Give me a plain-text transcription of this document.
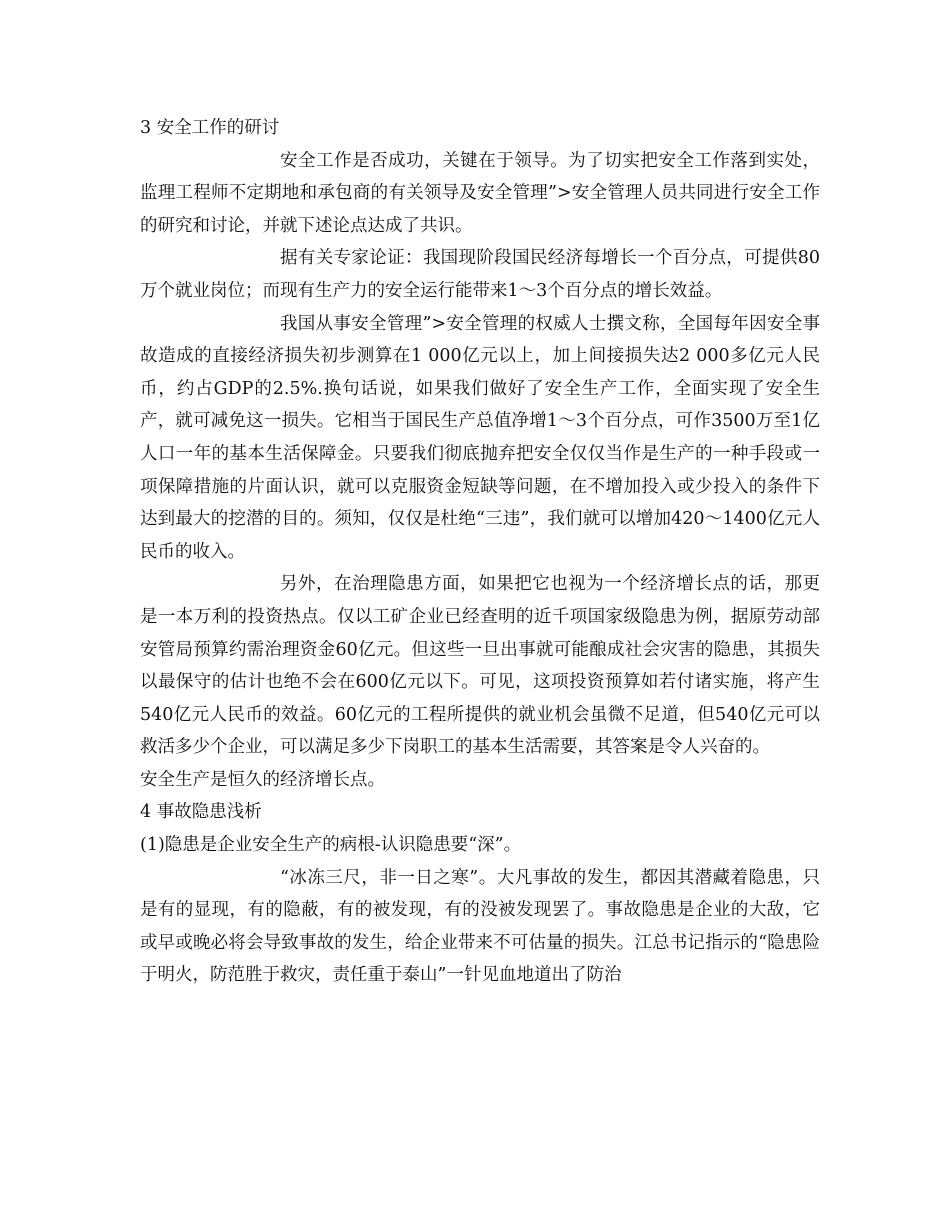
3 安全工作的研讨

安全工作是否成功，关键在于领导。为了切实把安全工作落到实处，监理工程师不定期地和承包商的有关领导及安全管理”>安全管理人员共同进行安全工作的研究和讨论，并就下述论点达成了共识。

据有关专家论证：我国现阶段国民经济每增长一个百分点，可提供80万个就业岗位；而现有生产力的安全运行能带来1～3个百分点的增长效益。

我国从事安全管理”>安全管理的权威人士撰文称，全国每年因安全事故造成的直接经济损失初步测算在1 000亿元以上，加上间接损失达2 000多亿元人民币，约占GDP的2.5%.换句话说，如果我们做好了安全生产工作，全面实现了安全生产，就可减免这一损失。它相当于国民生产总值净增1～3个百分点，可作3500万至1亿人口一年的基本生活保障金。只要我们彻底抛弃把安全仅仅当作是生产的一种手段或一项保障措施的片面认识，就可以克服资金短缺等问题，在不增加投入或少投入的条件下达到最大的挖潜的目的。须知，仅仅是杜绝“三违”，我们就可以增加420～1400亿元人民币的收入。

另外，在治理隐患方面，如果把它也视为一个经济增长点的话，那更是一本万利的投资热点。仅以工矿企业已经查明的近千项国家级隐患为例，据原劳动部安管局预算约需治理资金60亿元。但这些一旦出事就可能酿成社会灾害的隐患，其损失以最保守的估计也绝不会在600亿元以下。可见，这项投资预算如若付诸实施，将产生540亿元人民币的效益。60亿元的工程所提供的就业机会虽微不足道，但540亿元可以救活多少个企业，可以满足多少下岗职工的基本生活需要，其答案是令人兴奋的。

安全生产是恒久的经济增长点。

4 事故隐患浅析

(1)隐患是企业安全生产的病根-认识隐患要“深”。

“冰冻三尺，非一日之寒”。大凡事故的发生，都因其潜藏着隐患，只是有的显现，有的隐蔽，有的被发现，有的没被发现罢了。事故隐患是企业的大敌，它或早或晚必将会导致事故的发生，给企业带来不可估量的损失。江总书记指示的“隐患险于明火，防范胜于救灾，责任重于泰山”一针见血地道出了防治
